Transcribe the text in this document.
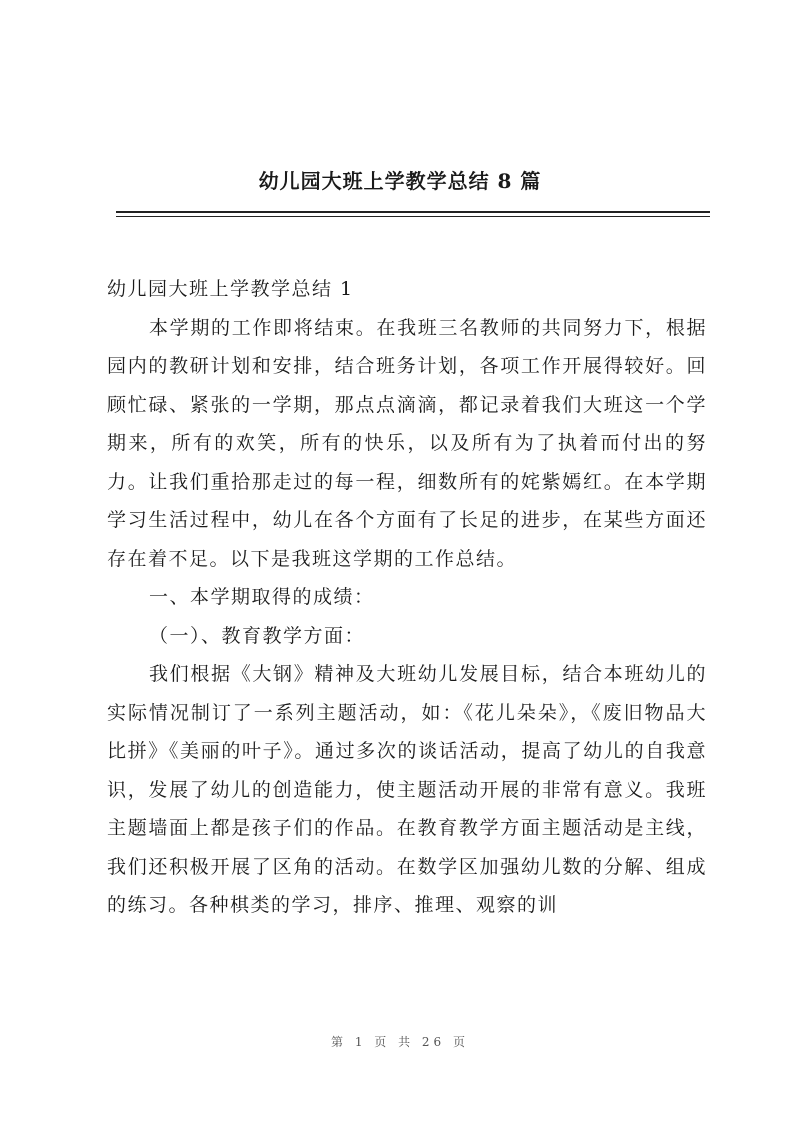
幼儿园大班上学教学总结 8 篇

幼儿园大班上学教学总结 1

本学期的工作即将结束。在我班三名教师的共同努力下，根据园内的教研计划和安排，结合班务计划，各项工作开展得较好。回顾忙碌、紧张的一学期，那点点滴滴，都记录着我们大班这一个学期来，所有的欢笑，所有的快乐，以及所有为了执着而付出的努力。让我们重拾那走过的每一程，细数所有的姹紫嫣红。在本学期学习生活过程中，幼儿在各个方面有了长足的进步，在某些方面还存在着不足。以下是我班这学期的工作总结。

一、本学期取得的成绩：

（一）、教育教学方面：

我们根据《大钢》精神及大班幼儿发展目标，结合本班幼儿的实际情况制订了一系列主题活动，如：《花儿朵朵》，《废旧物品大比拼》《美丽的叶子》。通过多次的谈话活动，提高了幼儿的自我意识，发展了幼儿的创造能力，使主题活动开展的非常有意义。我班主题墙面上都是孩子们的作品。在教育教学方面主题活动是主线，我们还积极开展了区角的活动。在数学区加强幼儿数的分解、组成的练习。各种棋类的学习，排序、推理、观察的训

第 1 页 共 26 页
